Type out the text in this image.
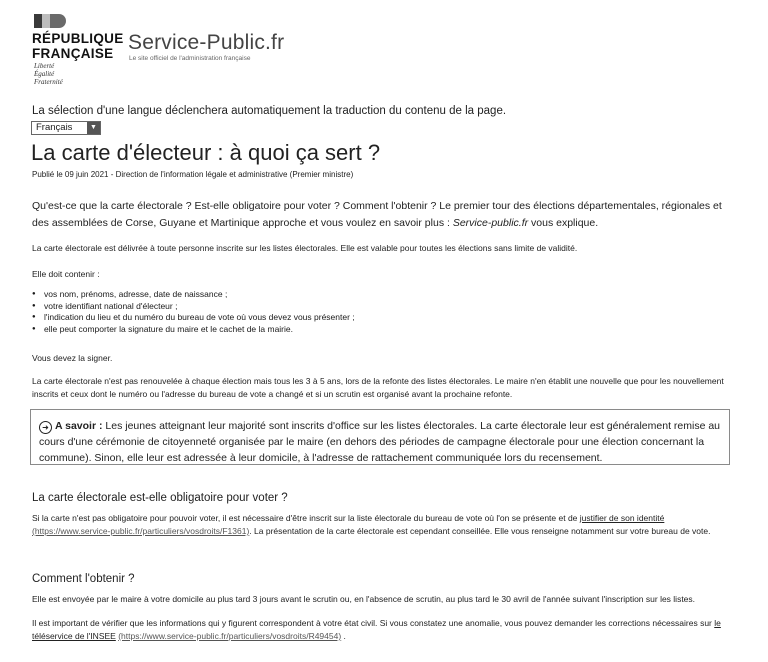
RÉPUBLIQUE
FRANÇAISE
Liberté
Égalité
Fraternité
Service-Public.fr
Le site officiel de l'administration française
La sélection d'une langue déclenchera automatiquement la traduction du contenu de la page.
Français	▼
La carte d'électeur : à quoi ça sert ?
Publié le 09 juin 2021 - Direction de l'information légale et administrative (Premier ministre)
Qu'est-ce que la carte électorale ? Est-elle obligatoire pour voter ? Comment l'obtenir ? Le premier tour des élections départementales, régionales et des assemblées de Corse, Guyane et Martinique approche et vous voulez en savoir plus : Service-public.fr vous explique.
La carte électorale est délivrée à toute personne inscrite sur les listes électorales. Elle est valable pour toutes les élections sans limite de validité.
Elle doit contenir :
● vos nom, prénoms, adresse, date de naissance ;
● votre identifiant national d'électeur ;
● l'indication du lieu et du numéro du bureau de vote où vous devez vous présenter ;
● elle peut comporter la signature du maire et le cachet de la mairie.
Vous devez la signer.
La carte électorale n'est pas renouvelée à chaque élection mais tous les 3 à 5 ans, lors de la refonte des listes électorales. Le maire n'en établit une nouvelle que pour les nouvellement inscrits et ceux dont le numéro ou l'adresse du bureau de vote a changé et si un scrutin est organisé avant la prochaine refonte.
➜ A savoir : Les jeunes atteignant leur majorité sont inscrits d'office sur les listes électorales. La carte électorale leur est généralement remise au cours d'une cérémonie de citoyenneté organisée par le maire (en dehors des périodes de campagne électorale pour une élection concernant la commune). Sinon, elle leur est adressée à leur domicile, à l'adresse de rattachement communiquée lors du recensement.
La carte électorale est-elle obligatoire pour voter ?
Si la carte n'est pas obligatoire pour pouvoir voter, il est nécessaire d'être inscrit sur la liste électorale du bureau de vote où l'on se présente et de justifier de son identité (https://www.service-public.fr/particuliers/vosdroits/F1361). La présentation de la carte électorale est cependant conseillée. Elle vous renseigne notamment sur votre bureau de vote.
Comment l'obtenir ?
Elle est envoyée par le maire à votre domicile au plus tard 3 jours avant le scrutin ou, en l'absence de scrutin, au plus tard le 30 avril de l'année suivant l'inscription sur les listes.
Il est important de vérifier que les informations qui y figurent correspondent à votre état civil. Si vous constatez une anomalie, vous pouvez demander les corrections nécessaires sur le téléservice de l'INSEE (https://www.service-public.fr/particuliers/vosdroits/R49454) .
